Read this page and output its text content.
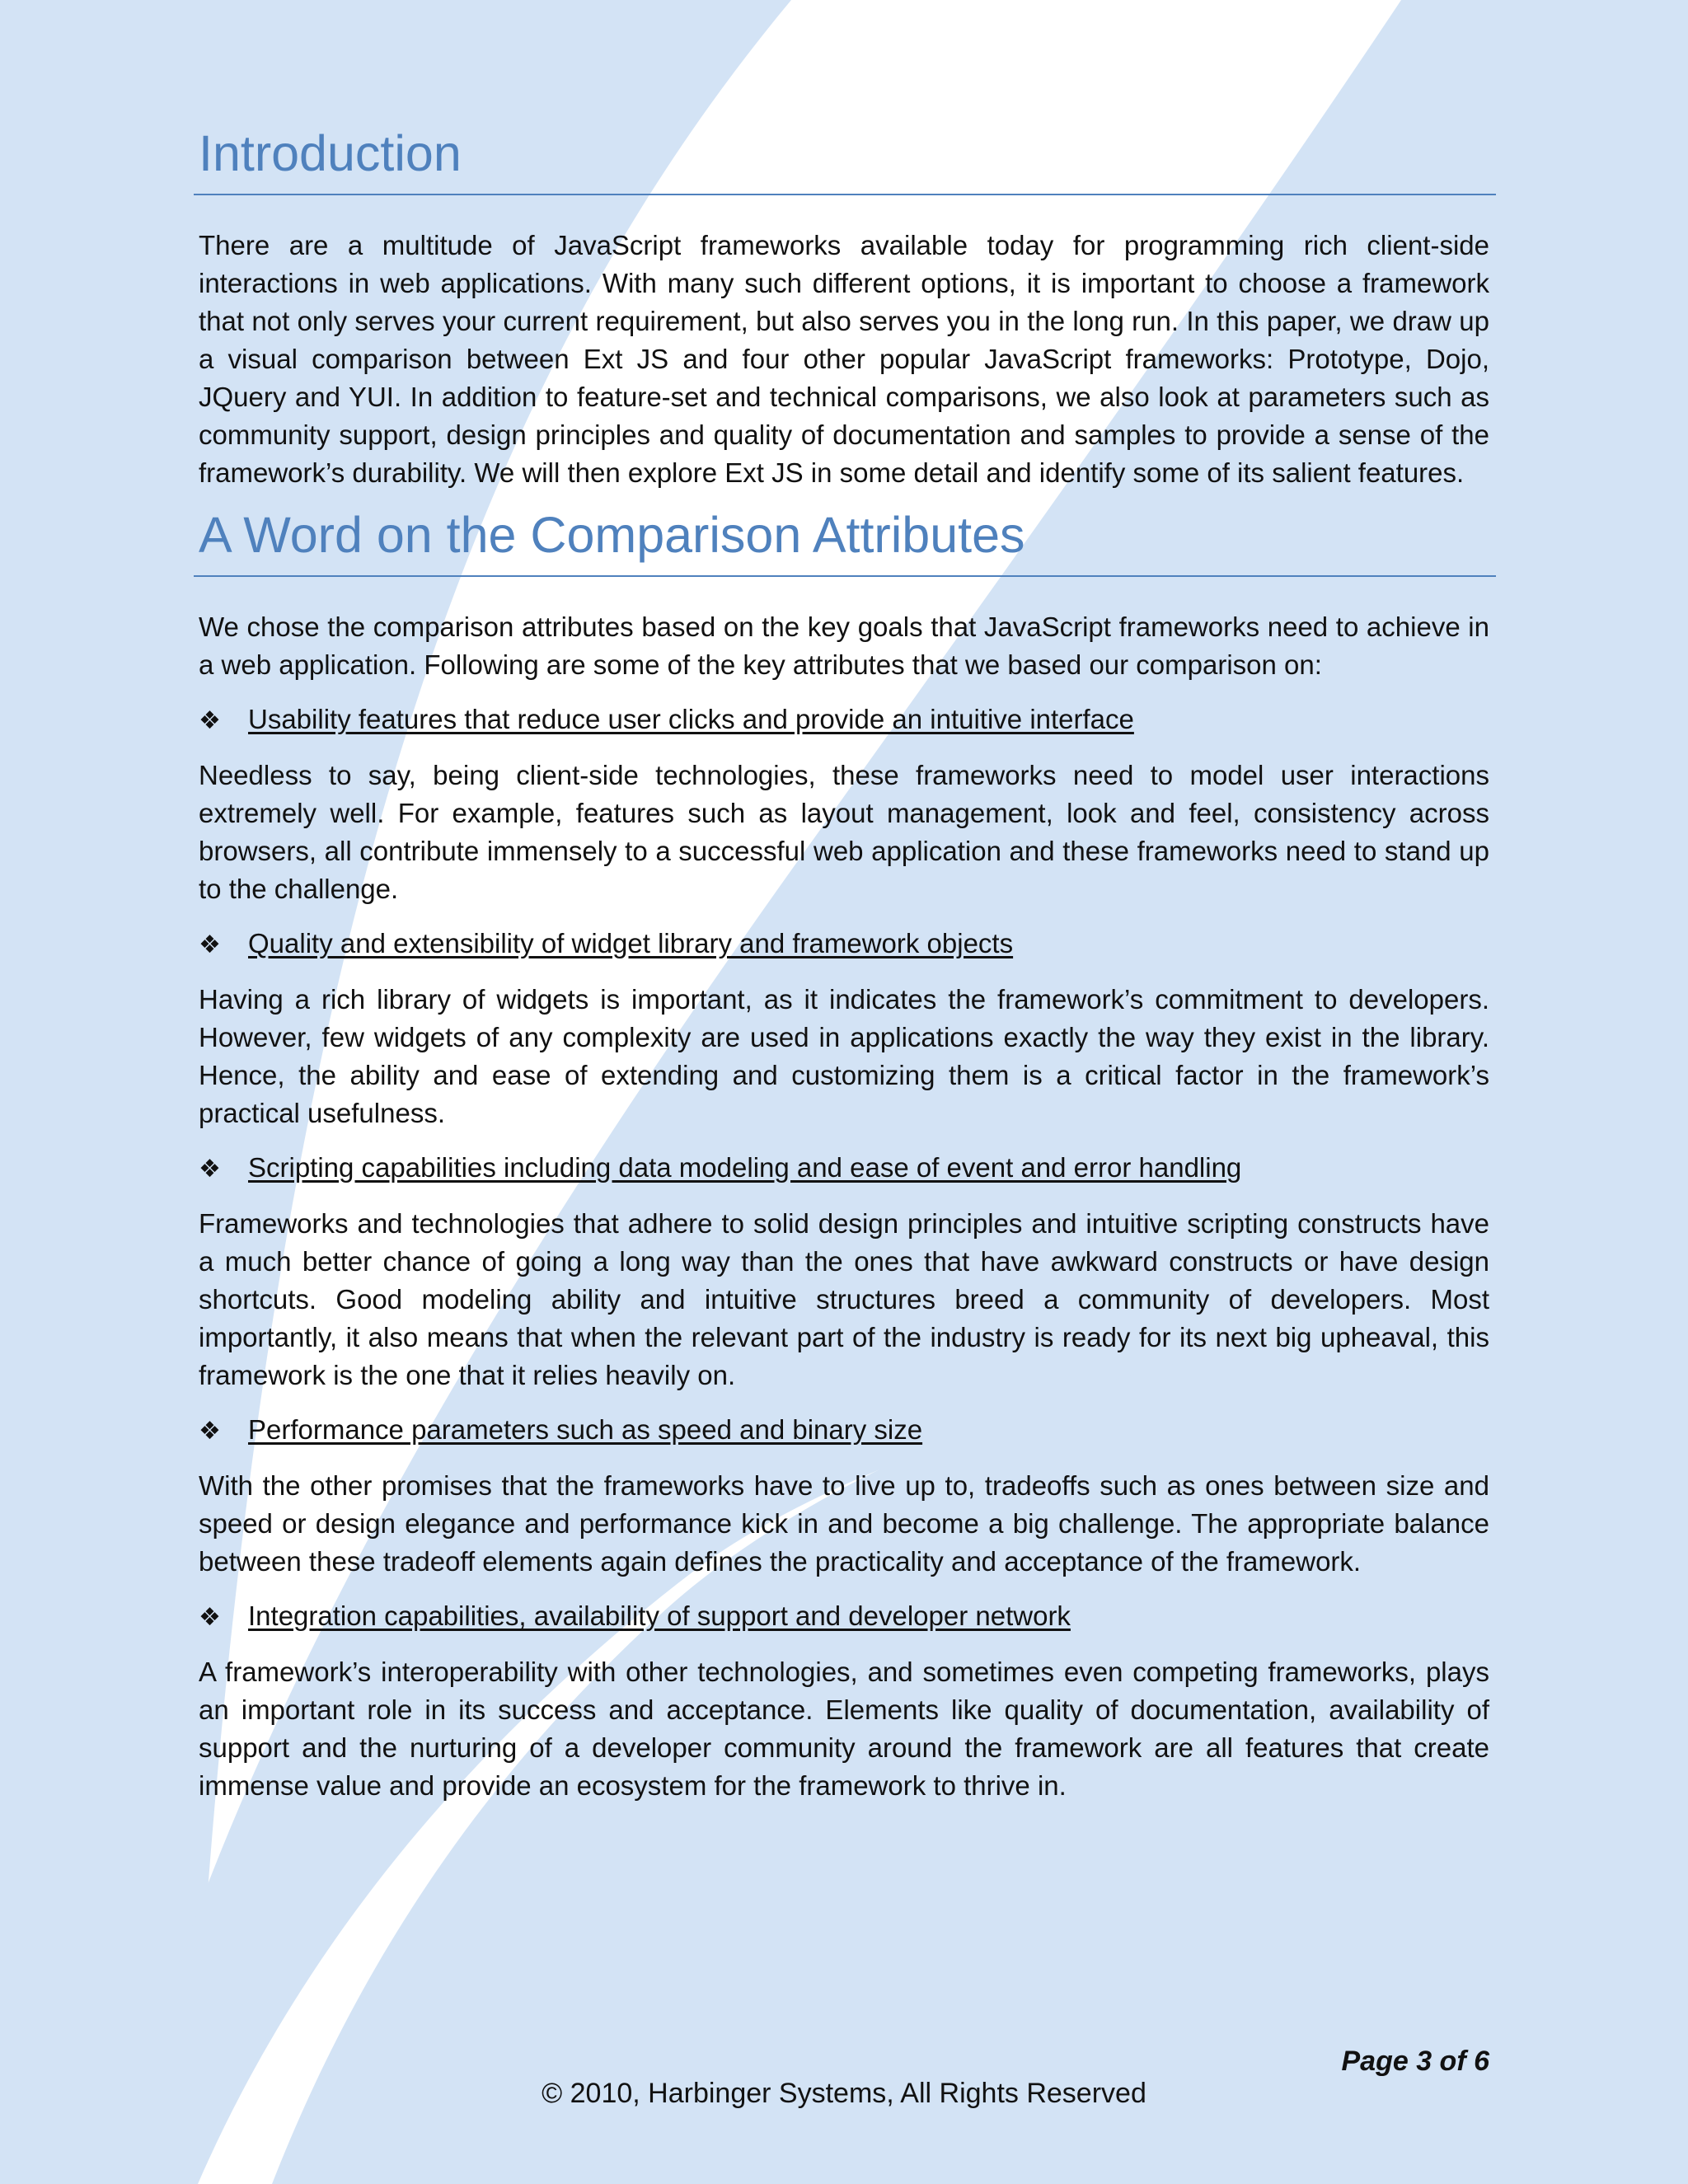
Introduction

There are a multitude of JavaScript frameworks available today for programming rich client-side interactions in web applications. With many such different options, it is important to choose a framework that not only serves your current requirement, but also serves you in the long run. In this paper, we draw up a visual comparison between Ext JS and four other popular JavaScript frameworks: Prototype, Dojo, JQuery and YUI. In addition to feature-set and technical comparisons, we also look at parameters such as community support, design principles and quality of documentation and samples to provide a sense of the framework’s durability. We will then explore Ext JS in some detail and identify some of its salient features.

A Word on the Comparison Attributes

We chose the comparison attributes based on the key goals that JavaScript frameworks need to achieve in a web application. Following are some of the key attributes that we based our comparison on:

❖	Usability features that reduce user clicks and provide an intuitive interface

Needless to say, being client-side technologies, these frameworks need to model user interactions extremely well. For example, features such as layout management, look and feel, consistency across browsers, all contribute immensely to a successful web application and these frameworks need to stand up to the challenge.

❖	Quality and extensibility of widget library and framework objects

Having a rich library of widgets is important, as it indicates the framework’s commitment to developers. However, few widgets of any complexity are used in applications exactly the way they exist in the library. Hence, the ability and ease of extending and customizing them is a critical factor in the framework’s practical usefulness.

❖	Scripting capabilities including data modeling and ease of event and error handling

Frameworks and technologies that adhere to solid design principles and intuitive scripting constructs have a much better chance of going a long way than the ones that have awkward constructs or have design shortcuts. Good modeling ability and intuitive structures breed a community of developers. Most importantly, it also means that when the relevant part of the industry is ready for its next big upheaval, this framework is the one that it relies heavily on.

❖	Performance parameters such as speed and binary size

With the other promises that the frameworks have to live up to, tradeoffs such as ones between size and speed or design elegance and performance kick in and become a big challenge. The appropriate balance between these tradeoff elements again defines the practicality and acceptance of the framework.

❖	Integration capabilities, availability of support and developer network

A framework’s interoperability with other technologies, and sometimes even competing frameworks, plays an important role in its success and acceptance. Elements like quality of documentation, availability of support and the nurturing of a developer community around the framework are all features that create immense value and provide an ecosystem for the framework to thrive in.

Page 3 of 6
© 2010, Harbinger Systems, All Rights Reserved
